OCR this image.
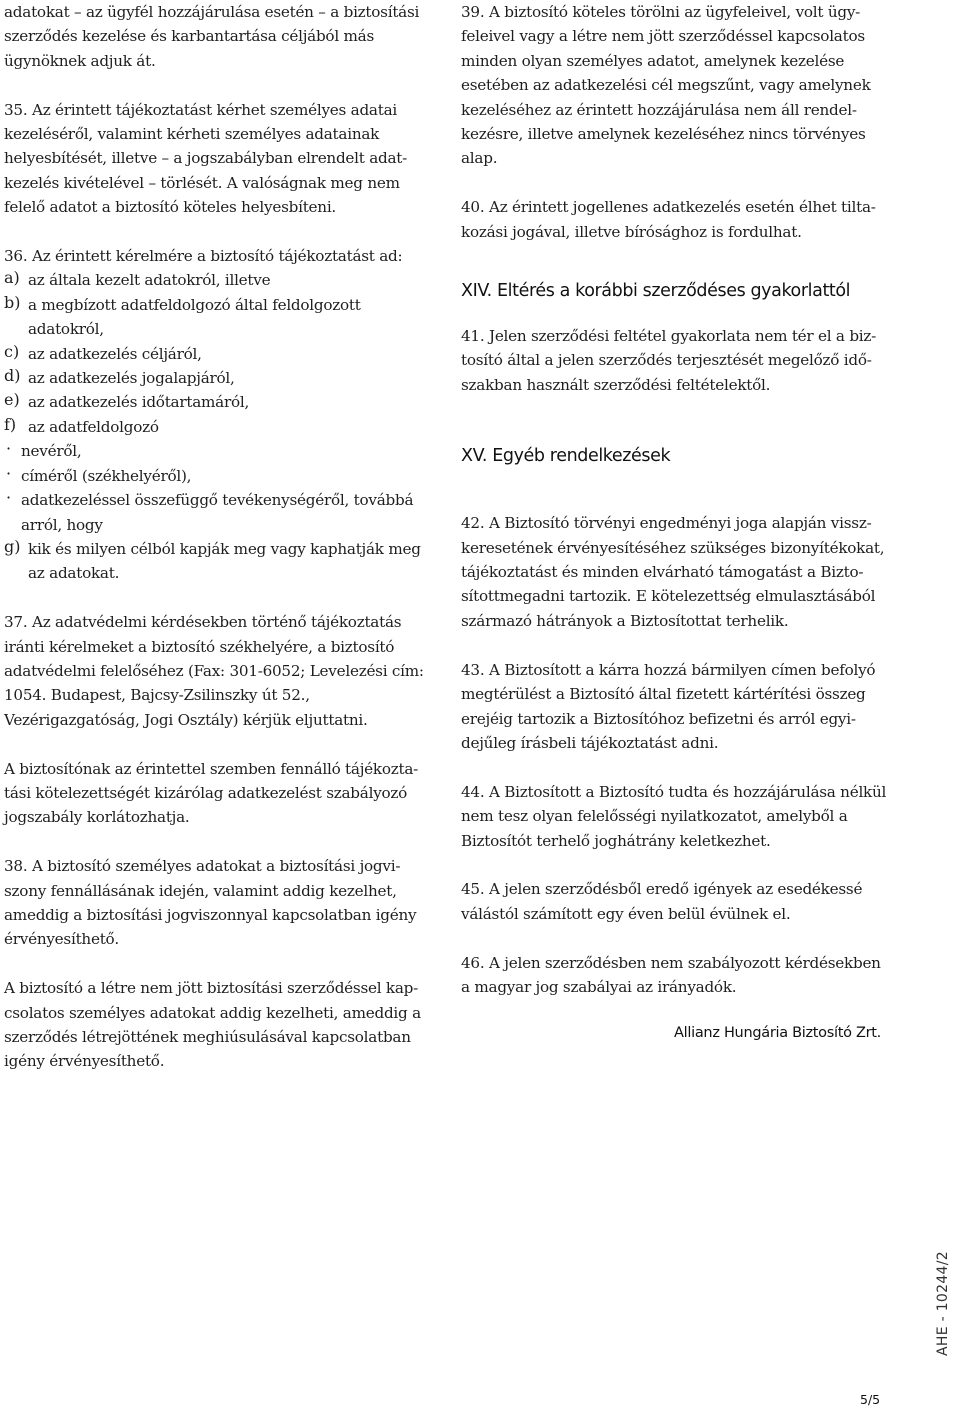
adatokat – az ügyfél hozzájárulása esetén – a biztosítási
szerződés kezelése és karbantartása céljából más
ügynöknek adjuk át.

35. Az érintett tájékoztatást kérhet személyes adatai
kezeléséről, valamint kérheti személyes adatainak
helyesbítését, illetve – a jogszabályban elrendelt adat-
kezelés kivételével – törlését. A valóságnak meg nem
felelő adatot a biztosító köteles helyesbíteni.

36. Az érintett kérelmére a biztosító tájékoztatást ad:

a) az általa kezelt adatokról, illetve

b) a megbízott adatfeldolgozó által feldolgozott
adatokról,

c) az adatkezelés céljáról,

d) az adatkezelés jogalapjáról,

e) az adatkezelés időtartamáról,

f) az adatfeldolgozó

· nevéről,

· címéről (székhelyéről),

· adatkezeléssel összefüggő tevékenységéről, továbbá
arról, hogy

g) kik és milyen célból kapják meg vagy kaphatják meg
az adatokat.

37. Az adatvédelmi kérdésekben történő tájékoztatás
iránti kérelmeket a biztosító székhelyére, a biztosító
adatvédelmi felelőséhez (Fax: 301-6052; Levelezési cím:
1054. Budapest, Bajcsy-Zsilinszky út 52.,
Vezérigazgatóság, Jogi Osztály) kérjük eljuttatni.

A biztosítónak az érintettel szemben fennálló tájékozta-
tási kötelezettségét kizárólag adatkezelést szabályozó
jogszabály korlátozhatja.

38. A biztosító személyes adatokat a biztosítási jogvi-
szony fennállásának idején, valamint addig kezelhet,
ameddig a biztosítási jogviszonnyal kapcsolatban igény
érvényesíthető.

A biztosító a létre nem jött biztosítási szerződéssel kap-
csolatos személyes adatokat addig kezelheti, ameddig a
szerződés létrejöttének meghiúsulásával kapcsolatban
igény érvényesíthető.

39. A biztosító köteles törölni az ügyfeleivel, volt ügy-
feleivel vagy a létre nem jött szerződéssel kapcsolatos
minden olyan személyes adatot, amelynek kezelése
esetében az adatkezelési cél megszűnt, vagy amelynek
kezeléséhez az érintett hozzájárulása nem áll rendel-
kezésre, illetve amelynek kezeléséhez nincs törvényes
alap.

40. Az érintett jogellenes adatkezelés esetén élhet tilta-
kozási jogával, illetve bírósághoz is fordulhat.

XIV. Eltérés a korábbi szerződéses gyakorlattól

41. Jelen szerződési feltétel gyakorlata nem tér el a biz-
tosító által a jelen szerződés terjesztését megelőző idő-
szakban használt szerződési feltételektől.

XV. Egyéb rendelkezések

42. A Biztosító törvényi engedményi joga alapján vissz-
keresetének érvényesítéséhez szükséges bizonyítékokat,
tájékoztatást és minden elvárható támogatást a Bizto-
sítottmegadni tartozik. E kötelezettség elmulasztásából
származó hátrányok a Biztosítottat terhelik.

43. A Biztosított a kárra hozzá bármilyen címen befolyó
megtérülést a Biztosító által fizetett kártérítési összeg
erejéig tartozik a Biztosítóhoz befizetni és arról egyi-
dejűleg írásbeli tájékoztatást adni.

44. A Biztosított a Biztosító tudta és hozzájárulása nélkül
nem tesz olyan felelősségi nyilatkozatot, amelyből a
Biztosítót terhelő joghátrány keletkezhet.

45. A jelen szerződésből eredő igények az esedékessé
válástól számított egy éven belül évülnek el.

46. A jelen szerződésben nem szabályozott kérdésekben
a magyar jog szabályai az irányadók.

Allianz Hungária Biztosító Zrt.
AHE - 10244/2
5/5
